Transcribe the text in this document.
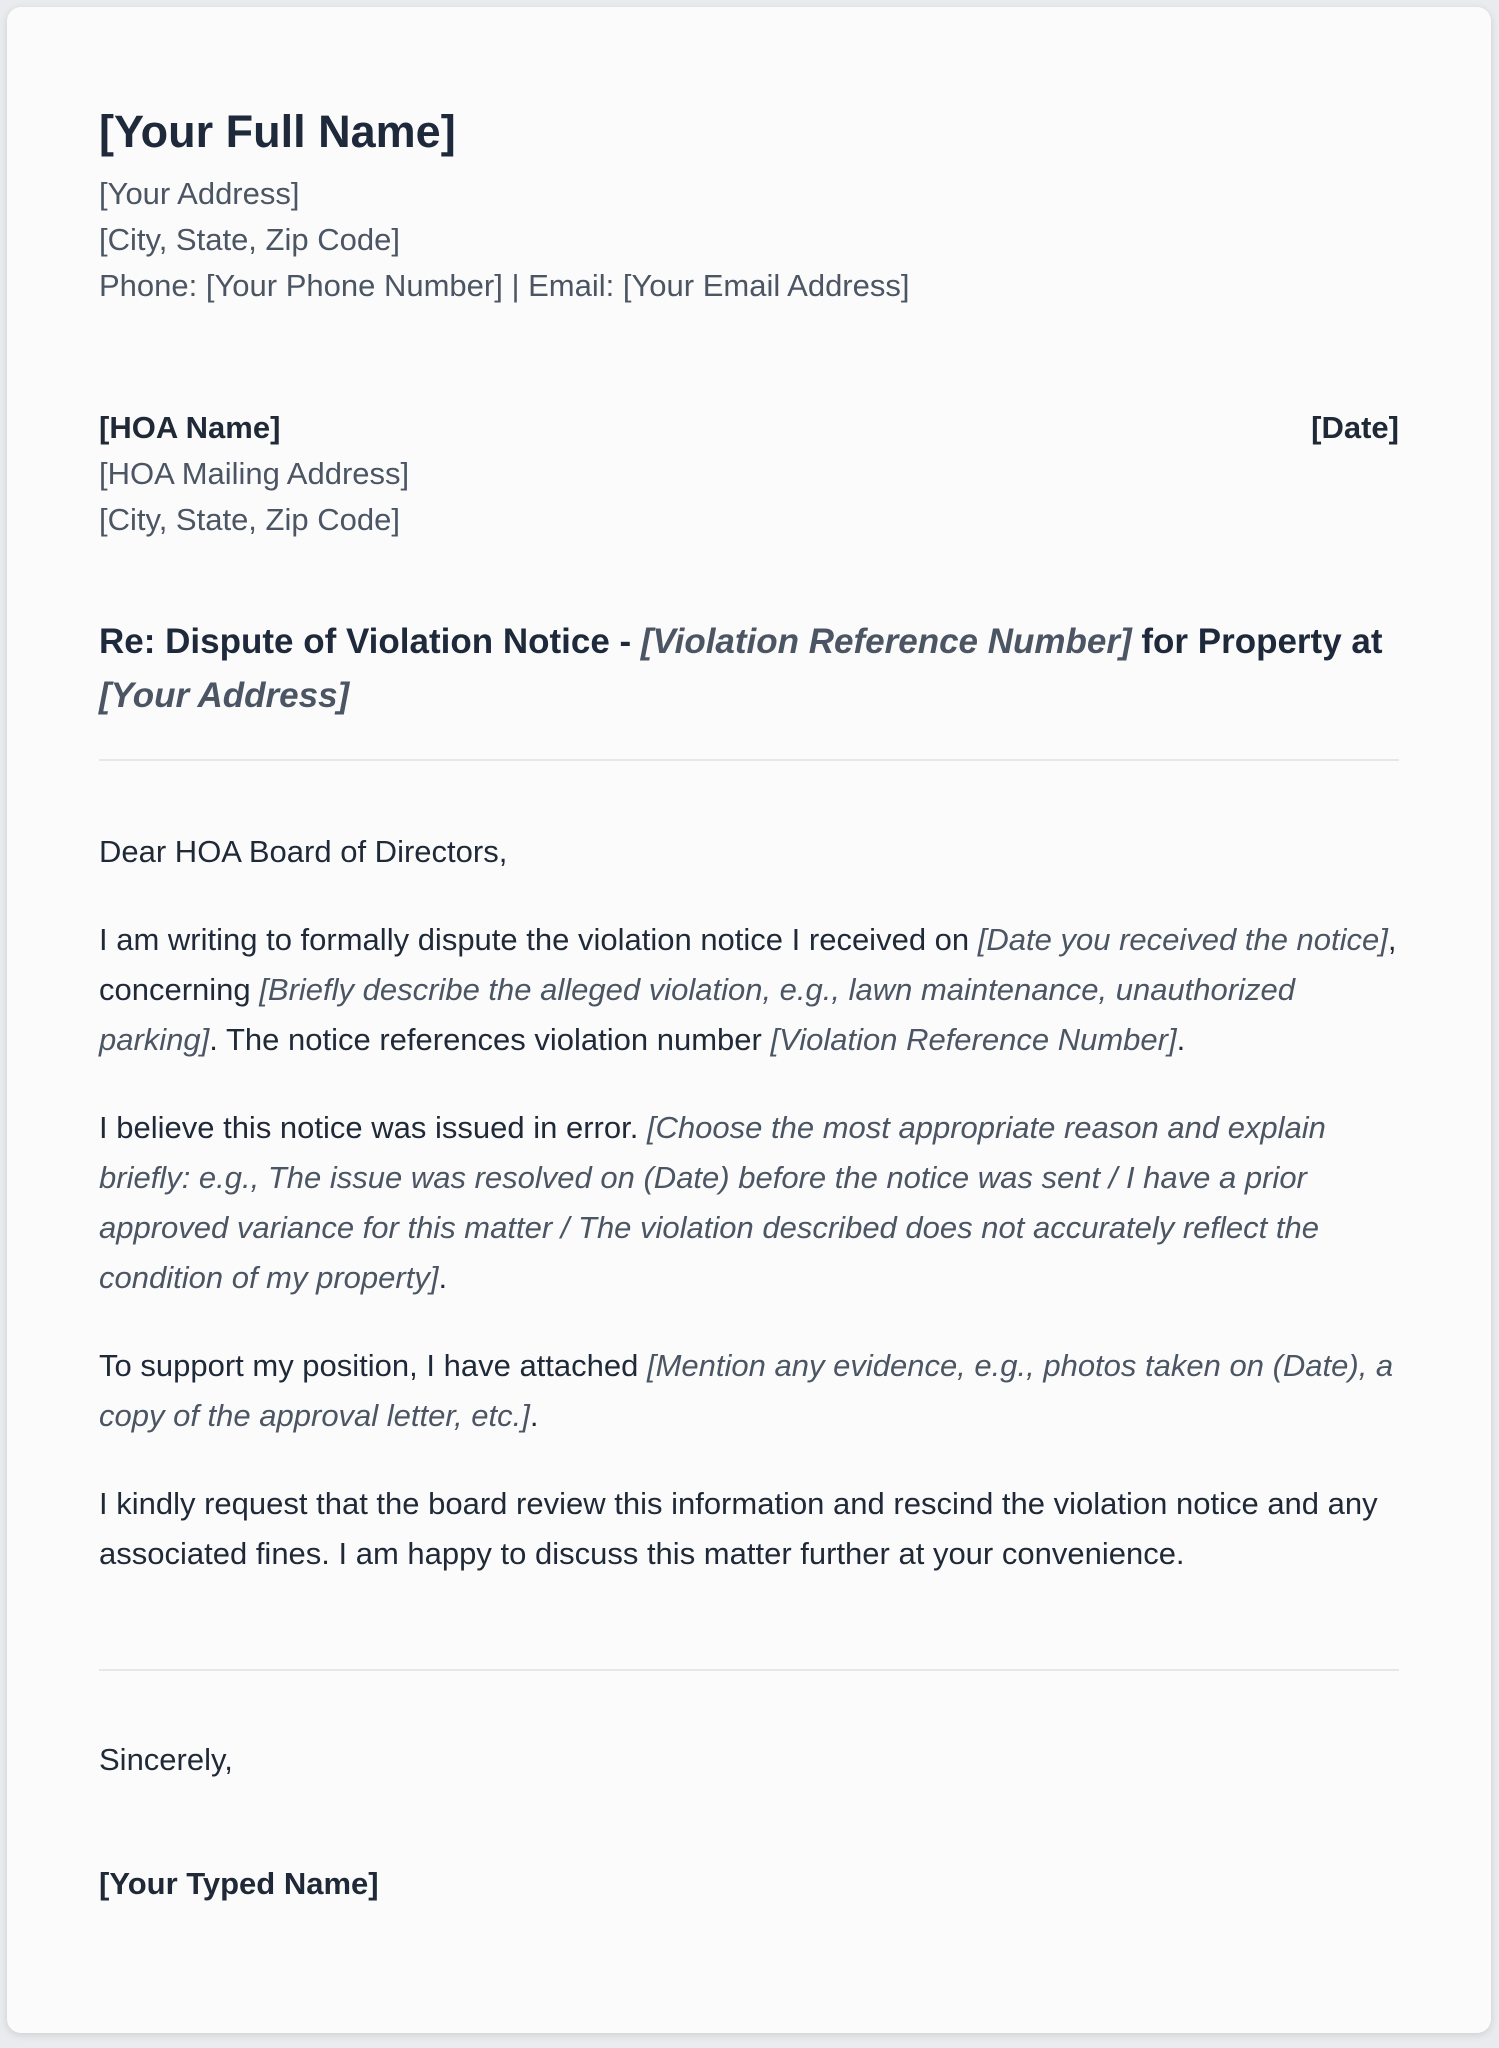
[Your Full Name]
[Your Address]
[City, State, Zip Code]
Phone: [Your Phone Number] | Email: [Your Email Address]
[HOA Name]
[HOA Mailing Address]
[City, State, Zip Code]
[Date]
Re: Dispute of Violation Notice - [Violation Reference Number] for Property at [Your Address]
Dear HOA Board of Directors,
I am writing to formally dispute the violation notice I received on [Date you received the notice], concerning [Briefly describe the alleged violation, e.g., lawn maintenance, unauthorized parking]. The notice references violation number [Violation Reference Number].
I believe this notice was issued in error. [Choose the most appropriate reason and explain briefly: e.g., The issue was resolved on (Date) before the notice was sent / I have a prior approved variance for this matter / The violation described does not accurately reflect the condition of my property].
To support my position, I have attached [Mention any evidence, e.g., photos taken on (Date), a copy of the approval letter, etc.].
I kindly request that the board review this information and rescind the violation notice and any associated fines. I am happy to discuss this matter further at your convenience.
Sincerely,
[Your Typed Name]
